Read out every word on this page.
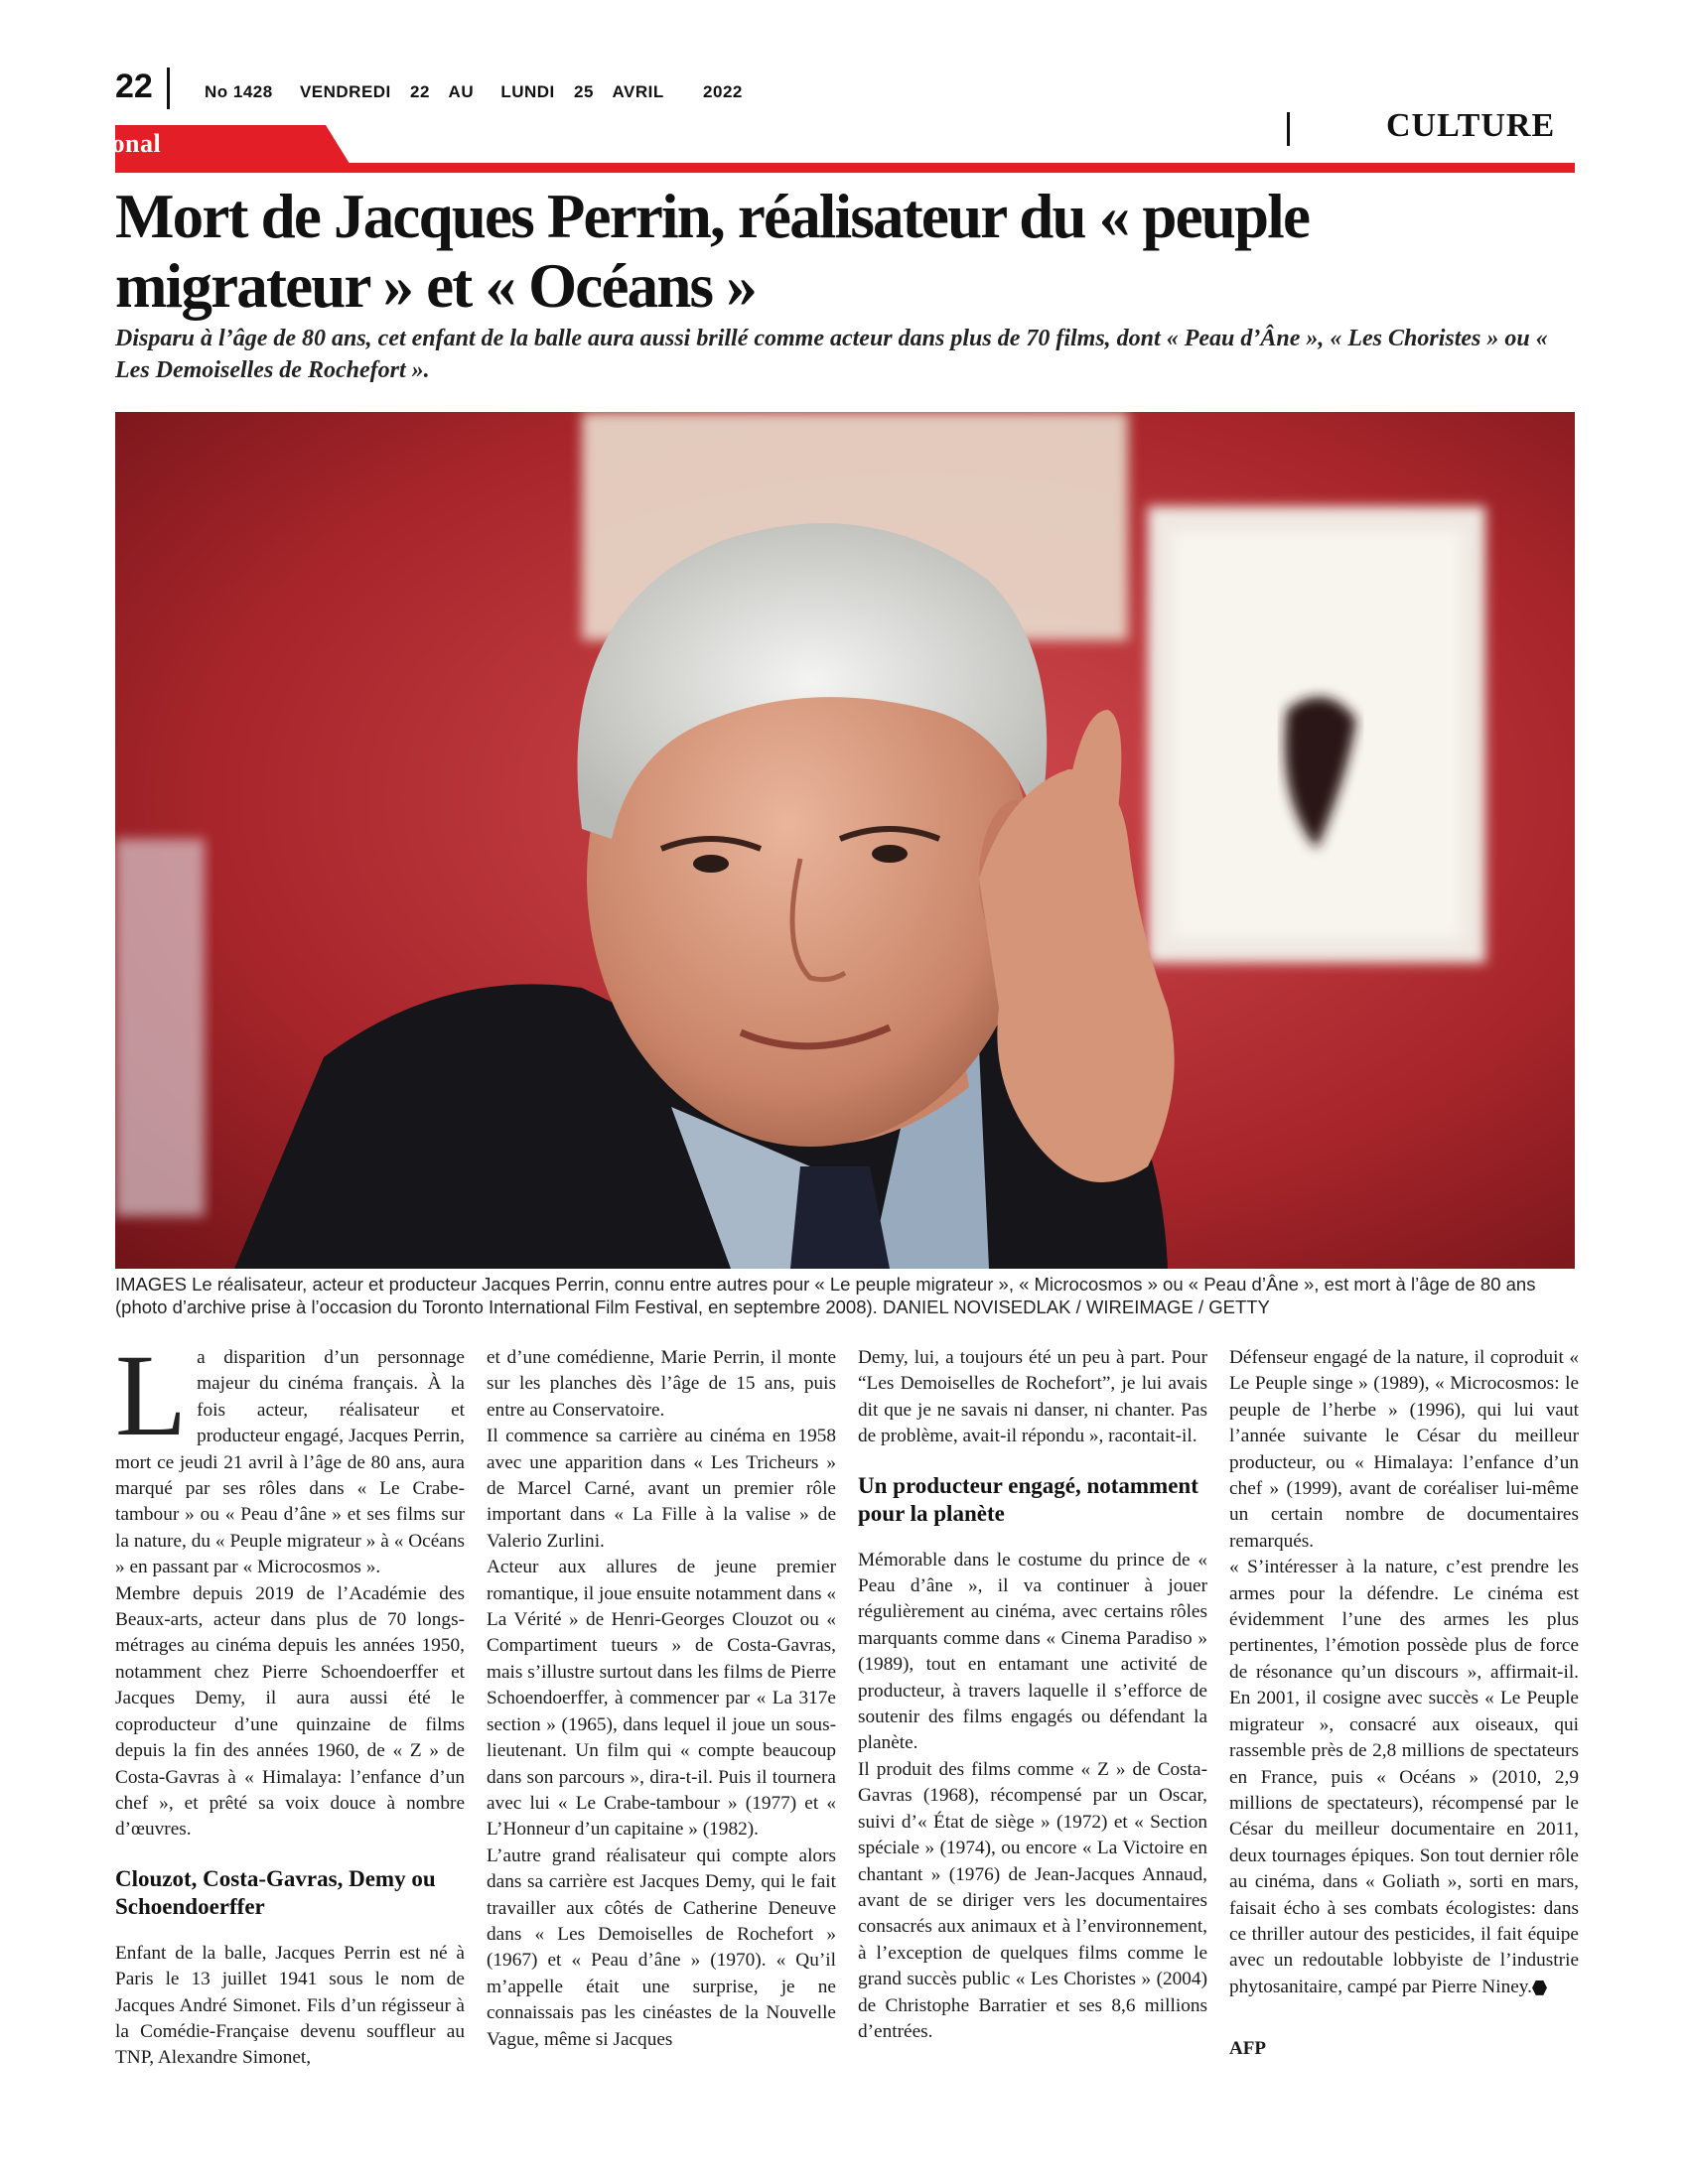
22	No 1428 VENDREDI 22 AU LUNDI 25 AVRIL 2022
CULTURE
Le National
Mort de Jacques Perrin, réalisateur du « peuple migrateur » et « Océans »

Disparu à l’âge de 80 ans, cet enfant de la balle aura aussi brillé comme acteur dans plus de 70 films, dont « Peau d’Âne », « Les Choristes » ou « Les Demoiselles de Rochefort ».

IMAGES Le réalisateur, acteur et producteur Jacques Perrin, connu entre autres pour « Le peuple migrateur », « Microcosmos » ou « Peau d’Âne », est mort à l’âge de 80 ans (photo d’archive prise à l’occasion du Toronto International Film Festival, en septembre 2008). DANIEL NOVISEDLAK / WIREIMAGE / GETTY

La disparition d’un personnage majeur du cinéma français. À la fois acteur, réalisateur et producteur engagé, Jacques Perrin, mort ce jeudi 21 avril à l’âge de 80 ans, aura marqué par ses rôles dans « Le Crabe-tambour » ou « Peau d’âne » et ses films sur la nature, du « Peuple migrateur » à « Océans » en passant par « Microcosmos ».

Membre depuis 2019 de l’Académie des Beaux-arts, acteur dans plus de 70 longs-métrages au cinéma depuis les années 1950, notamment chez Pierre Schoendoerffer et Jacques Demy, il aura aussi été le coproducteur d’une quinzaine de films depuis la fin des années 1960, de « Z » de Costa-Gavras à « Himalaya: l’enfance d’un chef », et prêté sa voix douce à nombre d’œuvres.

Clouzot, Costa-Gavras, Demy ou Schoendoerffer

Enfant de la balle, Jacques Perrin est né à Paris le 13 juillet 1941 sous le nom de Jacques André Simonet. Fils d’un régisseur à la Comédie-Française devenu souffleur au TNP, Alexandre Simonet,

et d’une comédienne, Marie Perrin, il monte sur les planches dès l’âge de 15 ans, puis entre au Conservatoire.

Il commence sa carrière au cinéma en 1958 avec une apparition dans « Les Tricheurs » de Marcel Carné, avant un premier rôle important dans « La Fille à la valise » de Valerio Zurlini.

Acteur aux allures de jeune premier romantique, il joue ensuite notamment dans « La Vérité » de Henri-Georges Clouzot ou « Compartiment tueurs » de Costa-Gavras, mais s’illustre surtout dans les films de Pierre Schoendoerffer, à commencer par « La 317e section » (1965), dans lequel il joue un sous-lieutenant. Un film qui « compte beaucoup dans son parcours », dira-t-il. Puis il tournera avec lui « Le Crabe-tambour » (1977) et « L’Honneur d’un capitaine » (1982).

L’autre grand réalisateur qui compte alors dans sa carrière est Jacques Demy, qui le fait travailler aux côtés de Catherine Deneuve dans « Les Demoiselles de Rochefort » (1967) et « Peau d’âne » (1970). « Qu’il m’appelle était une surprise, je ne connaissais pas les cinéastes de la Nouvelle Vague, même si Jacques

Demy, lui, a toujours été un peu à part. Pour “Les Demoiselles de Rochefort”, je lui avais dit que je ne savais ni danser, ni chanter. Pas de problème, avait-il répondu », racontait-il.

Un producteur engagé, notamment pour la planète

Mémorable dans le costume du prince de « Peau d’âne », il va continuer à jouer régulièrement au cinéma, avec certains rôles marquants comme dans « Cinema Paradiso » (1989), tout en entamant une activité de producteur, à travers laquelle il s’efforce de soutenir des films engagés ou défendant la planète.

Il produit des films comme « Z » de Costa-Gavras (1968), récompensé par un Oscar, suivi d’« État de siège » (1972) et « Section spéciale » (1974), ou encore « La Victoire en chantant » (1976) de Jean-Jacques Annaud, avant de se diriger vers les documentaires consacrés aux animaux et à l’environnement, à l’exception de quelques films comme le grand succès public « Les Choristes » (2004) de Christophe Barratier et ses 8,6 millions d’entrées.

Défenseur engagé de la nature, il coproduit « Le Peuple singe » (1989), « Microcosmos: le peuple de l’herbe » (1996), qui lui vaut l’année suivante le César du meilleur producteur, ou « Himalaya: l’enfance d’un chef » (1999), avant de coréaliser lui-même un certain nombre de documentaires remarqués.

« S’intéresser à la nature, c’est prendre les armes pour la défendre. Le cinéma est évidemment l’une des armes les plus pertinentes, l’émotion possède plus de force de résonance qu’un discours », affirmait-il. En 2001, il cosigne avec succès « Le Peuple migrateur », consacré aux oiseaux, qui rassemble près de 2,8 millions de spectateurs en France, puis « Océans » (2010, 2,9 millions de spectateurs), récompensé par le César du meilleur documentaire en 2011, deux tournages épiques. Son tout dernier rôle au cinéma, dans « Goliath », sorti en mars, faisait écho à ses combats écologistes: dans ce thriller autour des pesticides, il fait équipe avec un redoutable lobbyiste de l’industrie phytosanitaire, campé par Pierre Niney.

AFP
